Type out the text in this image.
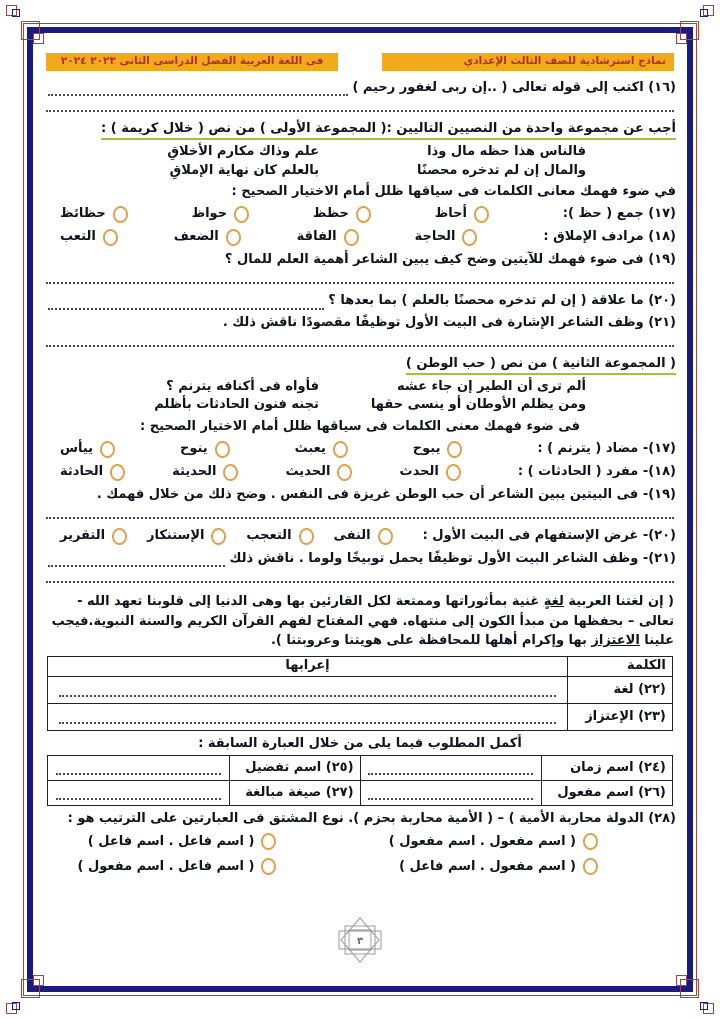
نماذج استرشادية للصف الثالث الإعدادي
فى اللغة العربية الفصل الدراسى الثانى ٢٠٢٣ ٢٠٢٤
(١٦) اكتب إلى قوله تعالى ( ..إن ربى لغفور رحيم )
أجب عن مجموعة واحدة من النصيين التاليين :( المجموعة الأولى ) من نص ( خلال كريمة ) :
فالناس هذا حظه مال وذا
علم وذاك مكارم الأخلاقِ
والمال إن لم تدخره محصنًا
بالعلم كان نهاية الإملاقِ
في ضوء فهمك معانى الكلمات فى سياقها ظلل أمام الاختيار الصحيح :
(١٧) جمع ( حظ ):
أحاظ
حظظ
حواظ
حظائظ
(١٨) مرادف الإملاق :
الحاجة
الفاقة
الضعف
التعب
(١٩) فى ضوء فهمك للآيتين وضح كيف يبين الشاعر أهمية العلم للمال ؟
(٢٠) ما علاقة ( إن لم تدخره محصنًا بالعلم ) بما بعدها ؟
(٢١) وظف الشاعر الإشارة فى البيت الأول توظيفًا مقصودًا ناقش ذلك .
( المجموعة الثانية ) من نص ( حب الوطن )
ألم ترى أن الطير إن جاء عشه
فأواه فى أكنافه يترنم ؟
ومن يظلم الأوطان أو ينسى حقها
تجنه فنون الحادثات بأظلم
فى ضوء فهمك معنى الكلمات فى سياقها ظلل أمام الاختيار الصحيح :
(١٧)- مضاد ( يترنم ) :
يبوح
يعبث
ينوح
ييأس
(١٨)- مفرد ( الحادثات ) :
الحدث
الحديث
الحديثة
الحادثة
(١٩)- فى البيتين يبين الشاعر أن حب الوطن غريزة فى النفس . وضح ذلك من خلال فهمك .
(٢٠)- غرض الإستفهام فى البيت الأول :
النفى
التعجب
الإستنكار
التقرير
(٢١)- وظف الشاعر البيت الأول توظيفًا يحمل توبيخًا ولوما . ناقش ذلك
( إن لغتنا العربية لغةٍ غنية بمأثوراتها وممتعة لكل القارئين بها وهى الدنيا إلى قلوبنا تعهد الله - تعالى – بحفظها من مبدأ الكون إلى منتهاه. فهي المفتاح لفهم القرآن الكريم والسنة النبوية.فيجب علينا الاعتزاز بها وإكرام أهلها للمحافظة على هويتنا وعروبتنا ).
الكلمة	إعرابها
(٢٢) لغة	

(٢٣) الإعتزاز	
أكمل المطلوب فيما يلى من خلال العبارة السابقة :
(٢٤) اسم زمان		(٢٥) اسم تفضيل	

(٢٦) اسم مفعول		(٢٧) صيغة مبالغة	
(٢٨) الدولة محاربة الأمية ) – ( الأمية محاربة بحزم ). نوع المشتق فى العبارتين على الترتيب هو :
( اسم مفعول . اسم مفعول )
( اسم فاعل . اسم فاعل )
( اسم مفعول . اسم فاعل )
( اسم فاعل . اسم مفعول )
٣
